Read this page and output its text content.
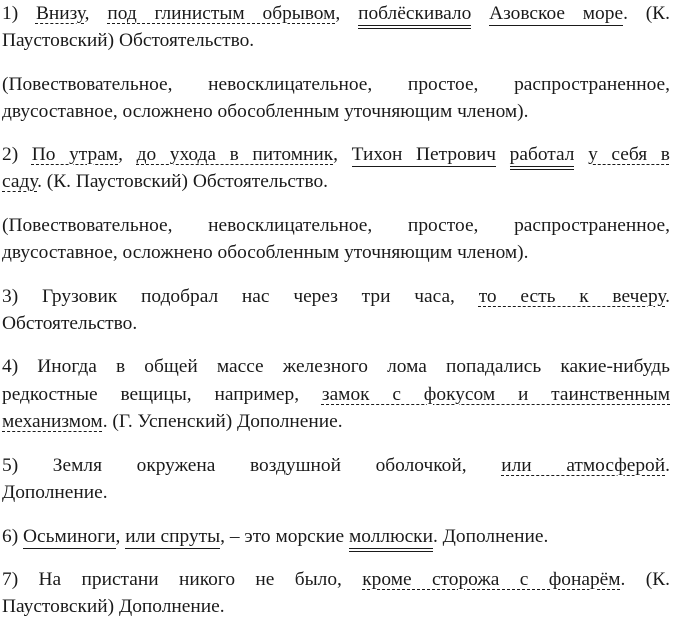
1) Внизу, под глинистым обрывом, поблёскивало Азовское море. (К.
Паустовский) Обстоятельство.
(Повествовательное, невосклицательное, простое, распространенное,
двусоставное, осложнено обособленным уточняющим членом).
2) По утрам, до ухода в питомник, Тихон Петрович работал у себя в
саду. (К. Паустовский) Обстоятельство.
(Повествовательное, невосклицательное, простое, распространенное,
двусоставное, осложнено обособленным уточняющим членом).
3) Грузовик подобрал нас через три часа, то есть к вечеру.
Обстоятельство.
4) Иногда в общей массе железного лома попадались какие-нибудь
редкостные вещицы, например, замок с фокусом и таинственным
механизмом. (Г. Успенский) Дополнение.
5) Земля окружена воздушной оболочкой, или атмосферой.
Дополнение.
6) Осьминоги, или спруты, – это морские моллюски. Дополнение.
7) На пристани никого не было, кроме сторожа с фонарём. (К.
Паустовский) Дополнение.
